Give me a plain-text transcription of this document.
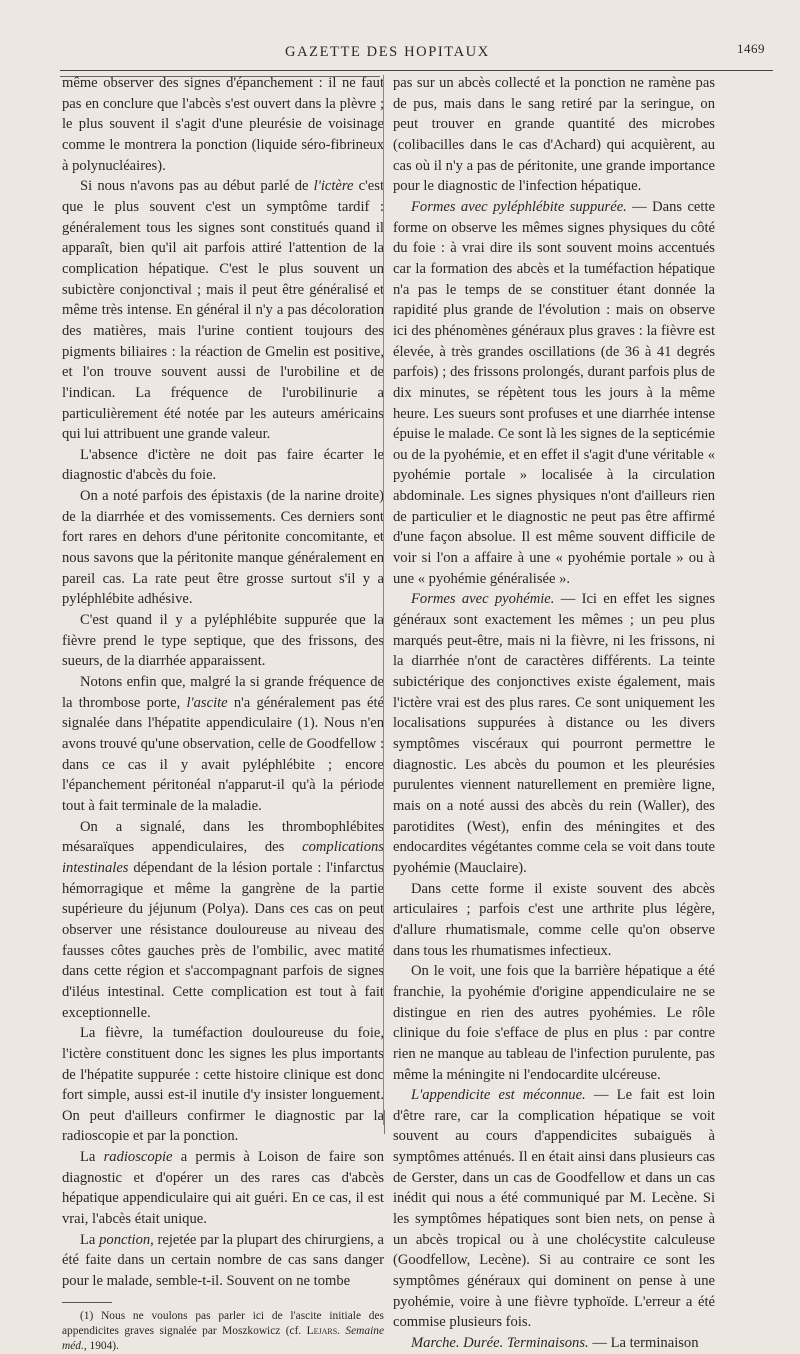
GAZETTE DES HOPITAUX	1469

même observer des signes d'épanchement : il ne faut pas en conclure que l'abcès s'est ouvert dans la plèvre ; le plus souvent il s'agit d'une pleurésie de voisinage comme le montrera la ponction (liquide séro-fibrineux à polynucléaires).

Si nous n'avons pas au début parlé de l'ictère c'est que le plus souvent c'est un symptôme tardif : généralement tous les signes sont constitués quand il apparaît, bien qu'il ait parfois attiré l'attention de la complication hépatique. C'est le plus souvent un subictère conjonctival ; mais il peut être généralisé et même très intense. En général il n'y a pas décoloration des matières, mais l'urine contient toujours des pigments biliaires : la réaction de Gmelin est positive, et l'on trouve souvent aussi de l'urobiline et de l'indican. La fréquence de l'urobilinurie a particulièrement été notée par les auteurs américains qui lui attribuent une grande valeur.

L'absence d'ictère ne doit pas faire écarter le diagnostic d'abcès du foie.

On a noté parfois des épistaxis (de la narine droite) de la diarrhée et des vomissements. Ces derniers sont fort rares en dehors d'une péritonite concomitante, et nous savons que la péritonite manque généralement en pareil cas. La rate peut être grosse surtout s'il y a pyléphlébite adhésive.

C'est quand il y a pyléphlébite suppurée que la fièvre prend le type septique, que des frissons, des sueurs, de la diarrhée apparaissent.

Notons enfin que, malgré la si grande fréquence de la thrombose porte, l'ascite n'a généralement pas été signalée dans l'hépatite appendiculaire (1). Nous n'en avons trouvé qu'une observation, celle de Goodfellow : dans ce cas il y avait pyléphlébite ; encore l'épanchement péritonéal n'apparut-il qu'à la période tout à fait terminale de la maladie.

On a signalé, dans les thrombophlébites mésaraïques appendiculaires, des complications intestinales dépendant de la lésion portale : l'infarctus hémorragique et même la gangrène de la partie supérieure du jéjunum (Polya). Dans ces cas on peut observer une résistance douloureuse au niveau des fausses côtes gauches près de l'ombilic, avec matité dans cette région et s'accompagnant parfois de signes d'iléus intestinal. Cette complication est tout à fait exceptionnelle.

La fièvre, la tuméfaction douloureuse du foie, l'ictère constituent donc les signes les plus importants de l'hépatite suppurée : cette histoire clinique est donc fort simple, aussi est-il inutile d'y insister longuement. On peut d'ailleurs confirmer le diagnostic par la radioscopie et par la ponction.

La radioscopie a permis à Loison de faire son diagnostic et d'opérer un des rares cas d'abcès hépatique appendiculaire qui ait guéri. En ce cas, il est vrai, l'abcès était unique.

La ponction, rejetée par la plupart des chirurgiens, a été faite dans un certain nombre de cas sans danger pour le malade, semble-t-il. Souvent on ne tombe

(1) Nous ne voulons pas parler ici de l'ascite initiale des appendicites graves signalée par Moszkowicz (cf. Lejars. Semaine méd., 1904).

pas sur un abcès collecté et la ponction ne ramène pas de pus, mais dans le sang retiré par la seringue, on peut trouver en grande quantité des microbes (colibacilles dans le cas d'Achard) qui acquièrent, au cas où il n'y a pas de péritonite, une grande importance pour le diagnostic de l'infection hépatique.

Formes avec pyléphlébite suppurée. — Dans cette forme on observe les mêmes signes physiques du côté du foie : à vrai dire ils sont souvent moins accentués car la formation des abcès et la tuméfaction hépatique n'a pas le temps de se constituer étant donnée la rapidité plus grande de l'évolution : mais on observe ici des phénomènes généraux plus graves : la fièvre est élevée, à très grandes oscillations (de 36 à 41 degrés parfois) ; des frissons prolongés, durant parfois plus de dix minutes, se répètent tous les jours à la même heure. Les sueurs sont profuses et une diarrhée intense épuise le malade. Ce sont là les signes de la septicémie ou de la pyohémie, et en effet il s'agit d'une véritable « pyohémie portale » localisée à la circulation abdominale. Les signes physiques n'ont d'ailleurs rien de particulier et le diagnostic ne peut pas être affirmé d'une façon absolue. Il est même souvent difficile de voir si l'on a affaire à une « pyohémie portale » ou à une « pyohémie généralisée ».

Formes avec pyohémie. — Ici en effet les signes généraux sont exactement les mêmes ; un peu plus marqués peut-être, mais ni la fièvre, ni les frissons, ni la diarrhée n'ont de caractères différents. La teinte subictérique des conjonctives existe également, mais l'ictère vrai est des plus rares. Ce sont uniquement les localisations suppurées à distance ou les divers symptômes viscéraux qui pourront permettre le diagnostic. Les abcès du poumon et les pleurésies purulentes viennent naturellement en première ligne, mais on a noté aussi des abcès du rein (Waller), des parotidites (West), enfin des méningites et des endocardites végétantes comme cela se voit dans toute pyohémie (Mauclaire).

Dans cette forme il existe souvent des abcès articulaires ; parfois c'est une arthrite plus légère, d'allure rhumatismale, comme celle qu'on observe dans tous les rhumatismes infectieux.

On le voit, une fois que la barrière hépatique a été franchie, la pyohémie d'origine appendiculaire ne se distingue en rien des autres pyohémies. Le rôle clinique du foie s'efface de plus en plus : par contre rien ne manque au tableau de l'infection purulente, pas même la méningite ni l'endocardite ulcéreuse.

L'appendicite est méconnue. — Le fait est loin d'être rare, car la complication hépatique se voit souvent au cours d'appendicites subaiguës à symptômes atténués. Il en était ainsi dans plusieurs cas de Gerster, dans un cas de Goodfellow et dans un cas inédit qui nous a été communiqué par M. Lecène. Si les symptômes hépatiques sont bien nets, on pense à un abcès tropical ou à une cholécystite calculeuse (Goodfellow, Lecène). Si au contraire ce sont les symptômes généraux qui dominent on pense à une pyohémie, voire à une fièvre typhoïde. L'erreur a été commise plusieurs fois.

Marche. Durée. Terminaisons. — La terminaison
